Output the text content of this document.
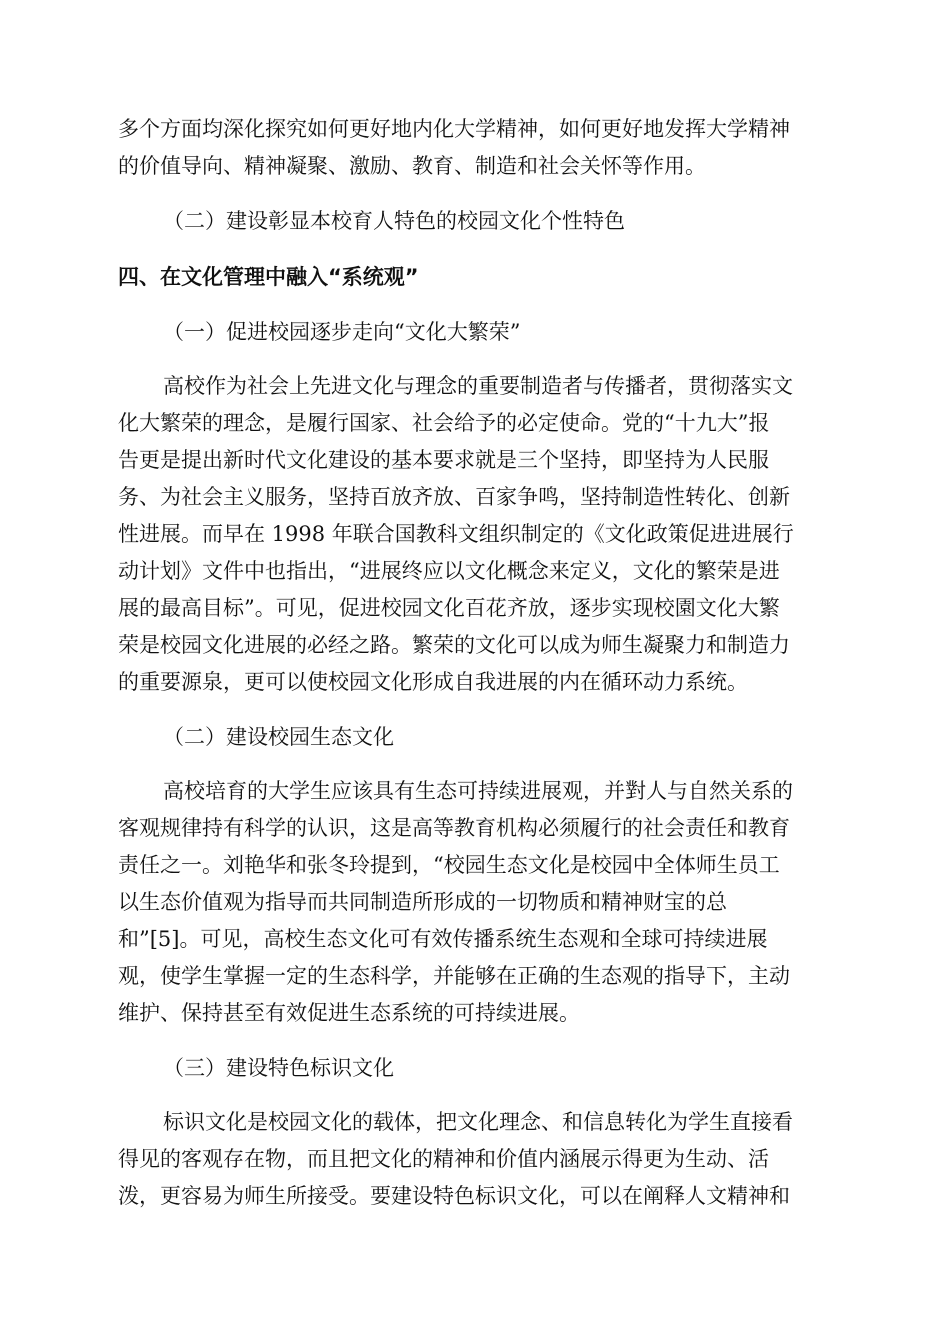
多个方面均深化探究如何更好地内化大学精神，如何更好地发挥大学精神
的价值导向、精神凝聚、激励、教育、制造和社会关怀等作用。
（二）建设彰显本校育人特色的校园文化个性特色
四、在文化管理中融入“系统观”
（一）促进校园逐步走向“文化大繁荣”
高校作为社会上先进文化与理念的重要制造者与传播者，贯彻落实文
化大繁荣的理念，是履行国家、社会给予的必定使命。党的“十九大”报
告更是提出新时代文化建设的基本要求就是三个坚持，即坚持为人民服
务、为社会主义服务，坚持百放齐放、百家争鸣，坚持制造性转化、创新
性进展。而早在 1998 年联合国教科文组织制定的《文化政策促进进展行
动计划》文件中也指出，“进展终应以文化概念来定义，文化的繁荣是进
展的最高目标”。可见，促进校园文化百花齐放，逐步实现校園文化大繁
荣是校园文化进展的必经之路。繁荣的文化可以成为师生凝聚力和制造力
的重要源泉，更可以使校园文化形成自我进展的内在循环动力系统。
（二）建设校园生态文化
高校培育的大学生应该具有生态可持续进展观，并對人与自然关系的
客观规律持有科学的认识，这是高等教育机构必须履行的社会责任和教育
责任之一。刘艳华和张冬玲提到，“校园生态文化是校园中全体师生员工
以生态价值观为指导而共同制造所形成的一切物质和精神财宝的总
和”[5]。可见，高校生态文化可有效传播系统生态观和全球可持续进展
观，使学生掌握一定的生态科学，并能够在正确的生态观的指导下，主动
维护、保持甚至有效促进生态系统的可持续进展。
（三）建设特色标识文化
标识文化是校园文化的载体，把文化理念、和信息转化为学生直接看
得见的客观存在物，而且把文化的精神和价值内涵展示得更为生动、活
泼，更容易为师生所接受。要建设特色标识文化，可以在阐释人文精神和
